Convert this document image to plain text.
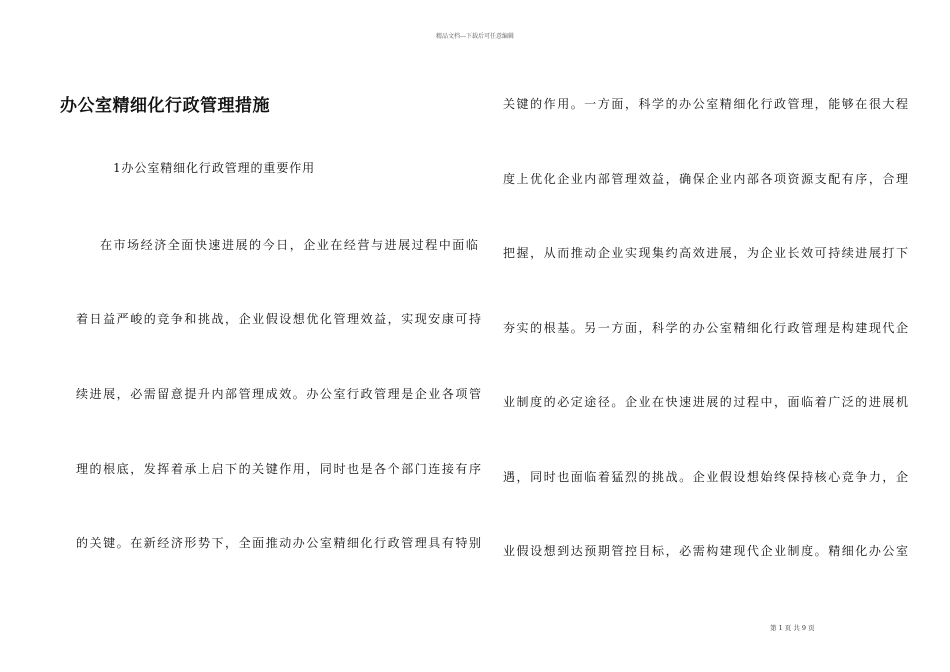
精品文档---下载后可任意编辑
办公室精细化行政管理措施
1办公室精细化行政管理的重要作用
在市场经济全面快速进展的今日，企业在经营与进展过程中面临
着日益严峻的竞争和挑战，企业假设想优化管理效益，实现安康可持
续进展，必需留意提升内部管理成效。办公室行政管理是企业各项管
理的根底，发挥着承上启下的关键作用，同时也是各个部门连接有序
的关键。在新经济形势下，全面推动办公室精细化行政管理具有特别
关键的作用。一方面，科学的办公室精细化行政管理，能够在很大程
度上优化企业内部管理效益，确保企业内部各项资源支配有序，合理
把握，从而推动企业实现集约高效进展，为企业长效可持续进展打下
夯实的根基。另一方面，科学的办公室精细化行政管理是构建现代企
业制度的必定途径。企业在快速进展的过程中，面临着广泛的进展机
遇，同时也面临着猛烈的挑战。企业假设想始终保持核心竞争力，企
业假设想到达预期管控目标，必需构建现代企业制度。精细化办公室
第 1 页 共 9 页
